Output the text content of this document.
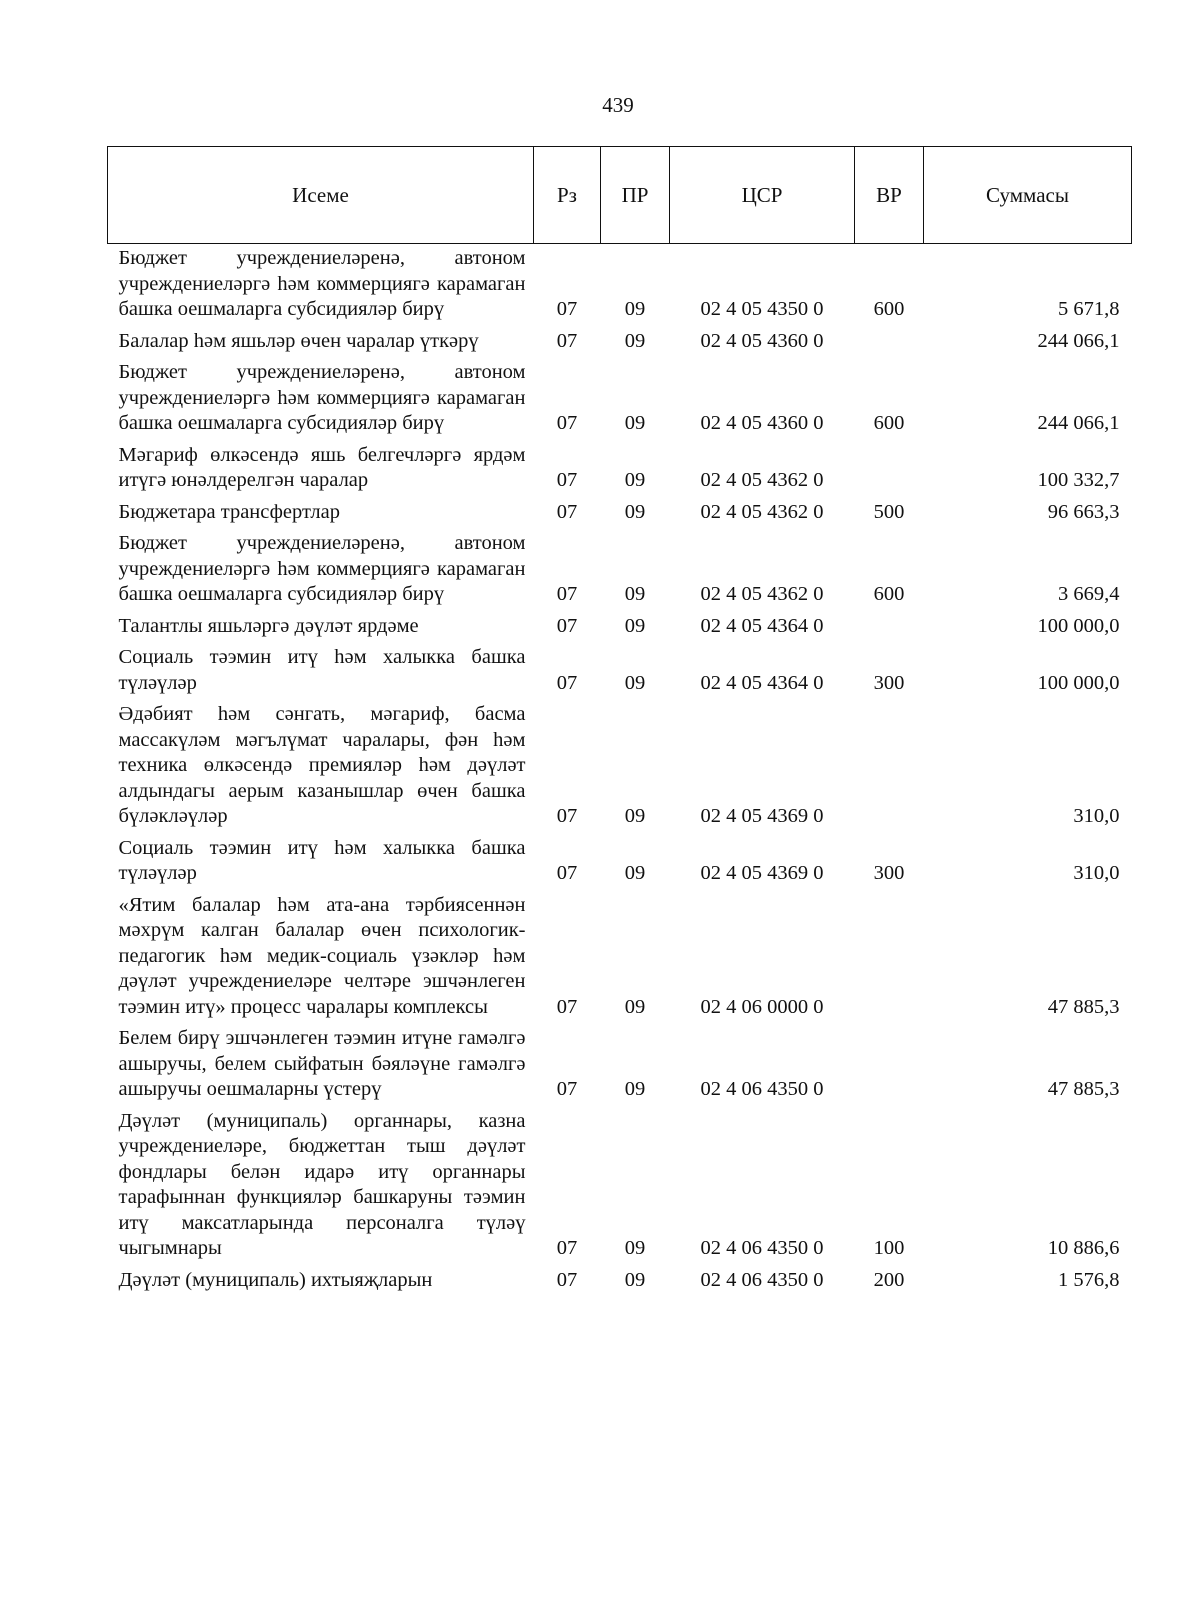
439
Исеме	Рз	ПР	ЦСР	ВР	Суммасы
Бюджет учреждениеләренә, автоном учреждениеләргә һәм коммерциягә карамаган башка оешмаларга субсидияләр бирү	07	09	02 4 05 4350 0	600	5 671,8
Балалар һәм яшьләр өчен чаралар үткәрү	07	09	02 4 05 4360 0		244 066,1
Бюджет учреждениеләренә, автоном учреждениеләргә һәм коммерциягә карамаган башка оешмаларга субсидияләр бирү	07	09	02 4 05 4360 0	600	244 066,1
Мәгариф өлкәсендә яшь белгечләргә ярдәм итүгә юнәлдерелгән чаралар	07	09	02 4 05 4362 0		100 332,7
Бюджетара трансфертлар	07	09	02 4 05 4362 0	500	96 663,3
Бюджет учреждениеләренә, автоном учреждениеләргә һәм коммерциягә карамаган башка оешмаларга субсидияләр бирү	07	09	02 4 05 4362 0	600	3 669,4
Талантлы яшьләргә дәүләт ярдәме	07	09	02 4 05 4364 0		100 000,0
Социаль тәэмин итү һәм халыкка башка түләүләр	07	09	02 4 05 4364 0	300	100 000,0
Әдәбият һәм сәнгать, мәгариф, басма массакүләм мәгълүмат чаралары, фән һәм техника өлкәсендә премияләр һәм дәүләт алдындагы аерым казанышлар өчен башка бүләкләүләр	07	09	02 4 05 4369 0		310,0
Социаль тәэмин итү һәм халыкка башка түләүләр	07	09	02 4 05 4369 0	300	310,0
«Ятим балалар һәм ата-ана тәрбиясеннән мәхрүм калган балалар өчен психологик-педагогик һәм медик-социаль үзәкләр һәм дәүләт учреждениеләре челтәре эшчәнлеген тәэмин итү» процесс чаралары комплексы	07	09	02 4 06 0000 0		47 885,3
Белем бирү эшчәнлеген тәэмин итүне гамәлгә ашыручы, белем сыйфатын бәяләүне гамәлгә ашыручы оешмаларны үстерү	07	09	02 4 06 4350 0		47 885,3
Дәүләт (муниципаль) органнары, казна учреждениеләре, бюджеттан тыш дәүләт фондлары белән идарә итү органнары тарафыннан функцияләр башкаруны тәэмин итү максатларында персоналга түләү чыгымнары	07	09	02 4 06 4350 0	100	10 886,6
Дәүләт (муниципаль) ихтыяҗларын	07	09	02 4 06 4350 0	200	1 576,8
